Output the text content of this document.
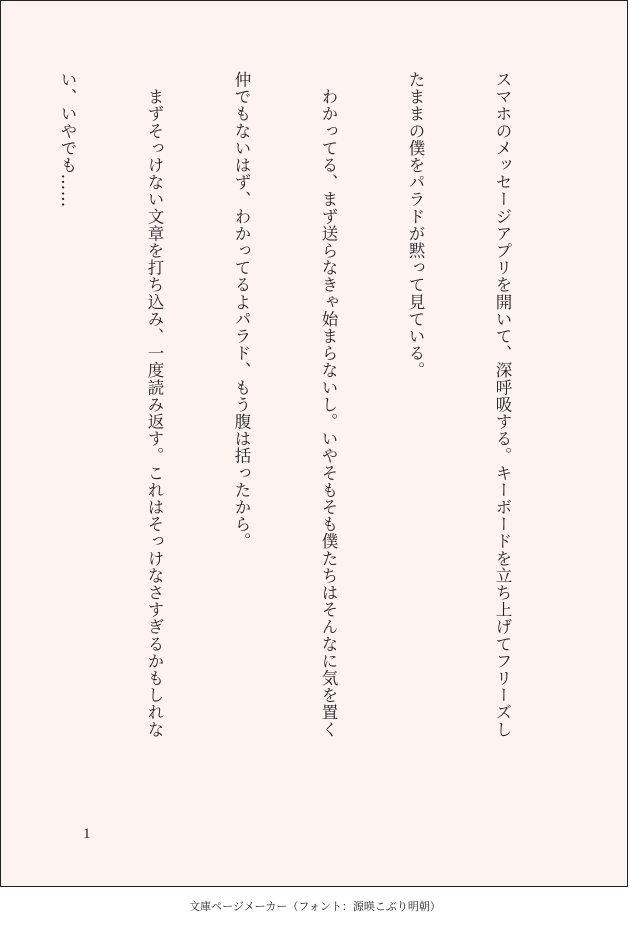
スマホのメッセージアプリを開いて、深呼吸する。キーボードを立ち上げてフリーズし

たままの僕をパラドが黙って見ている。

　わかってる、まず送らなきゃ始まらないし。いやそもそも僕たちはそんなに気を置く

仲でもないはず、わかってるよパラド、もう腹は括ったから。

　まずそっけない文章を打ち込み、一度読み返す。これはそっけなさすぎるかもしれな

い、いやでも……

1
文庫ページメーカー（フォント：源暎こぶり明朝）
